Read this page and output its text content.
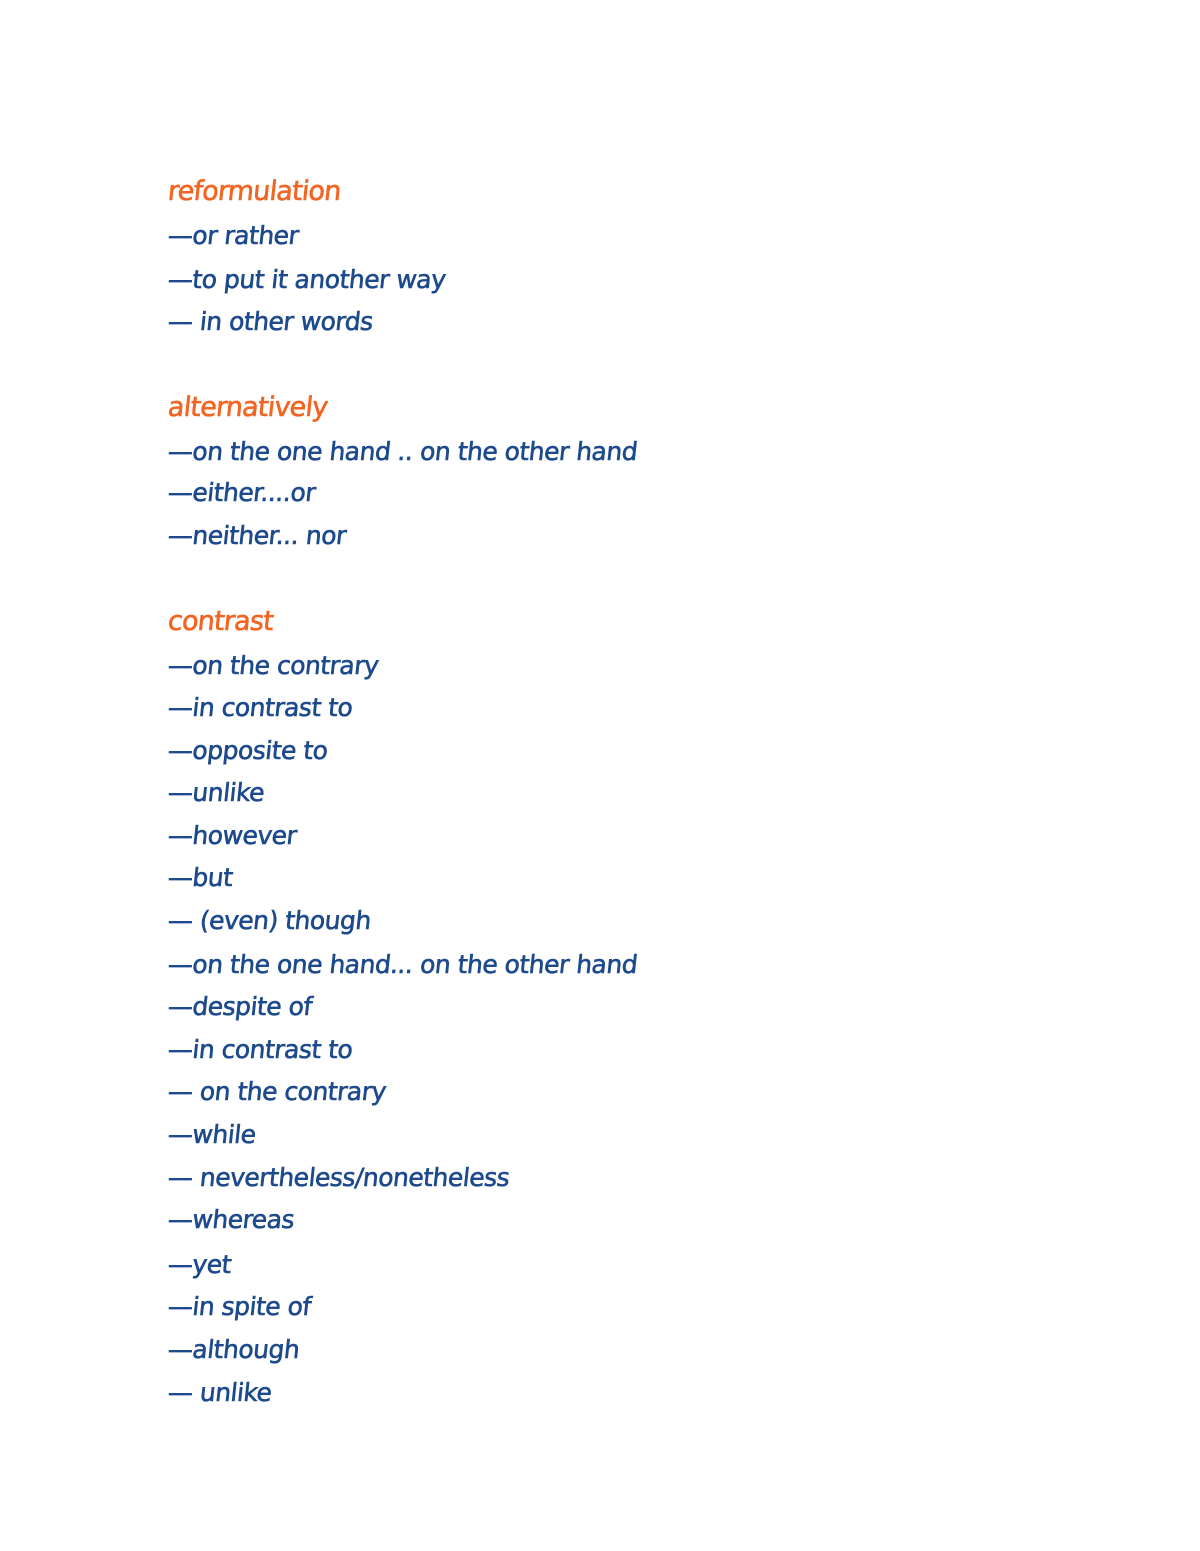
reformulation
—or rather
—to put it another way
— in other words
alternatively
—on the one hand .. on the other hand
—either....or
—neither... nor
contrast
—on the contrary
—in contrast to
—opposite to
—unlike
—however
—but
— (even) though
—on the one hand... on the other hand
—despite of
—in contrast to
— on the contrary
—while
— nevertheless/nonetheless
—whereas
—yet
—in spite of
—although
— unlike
